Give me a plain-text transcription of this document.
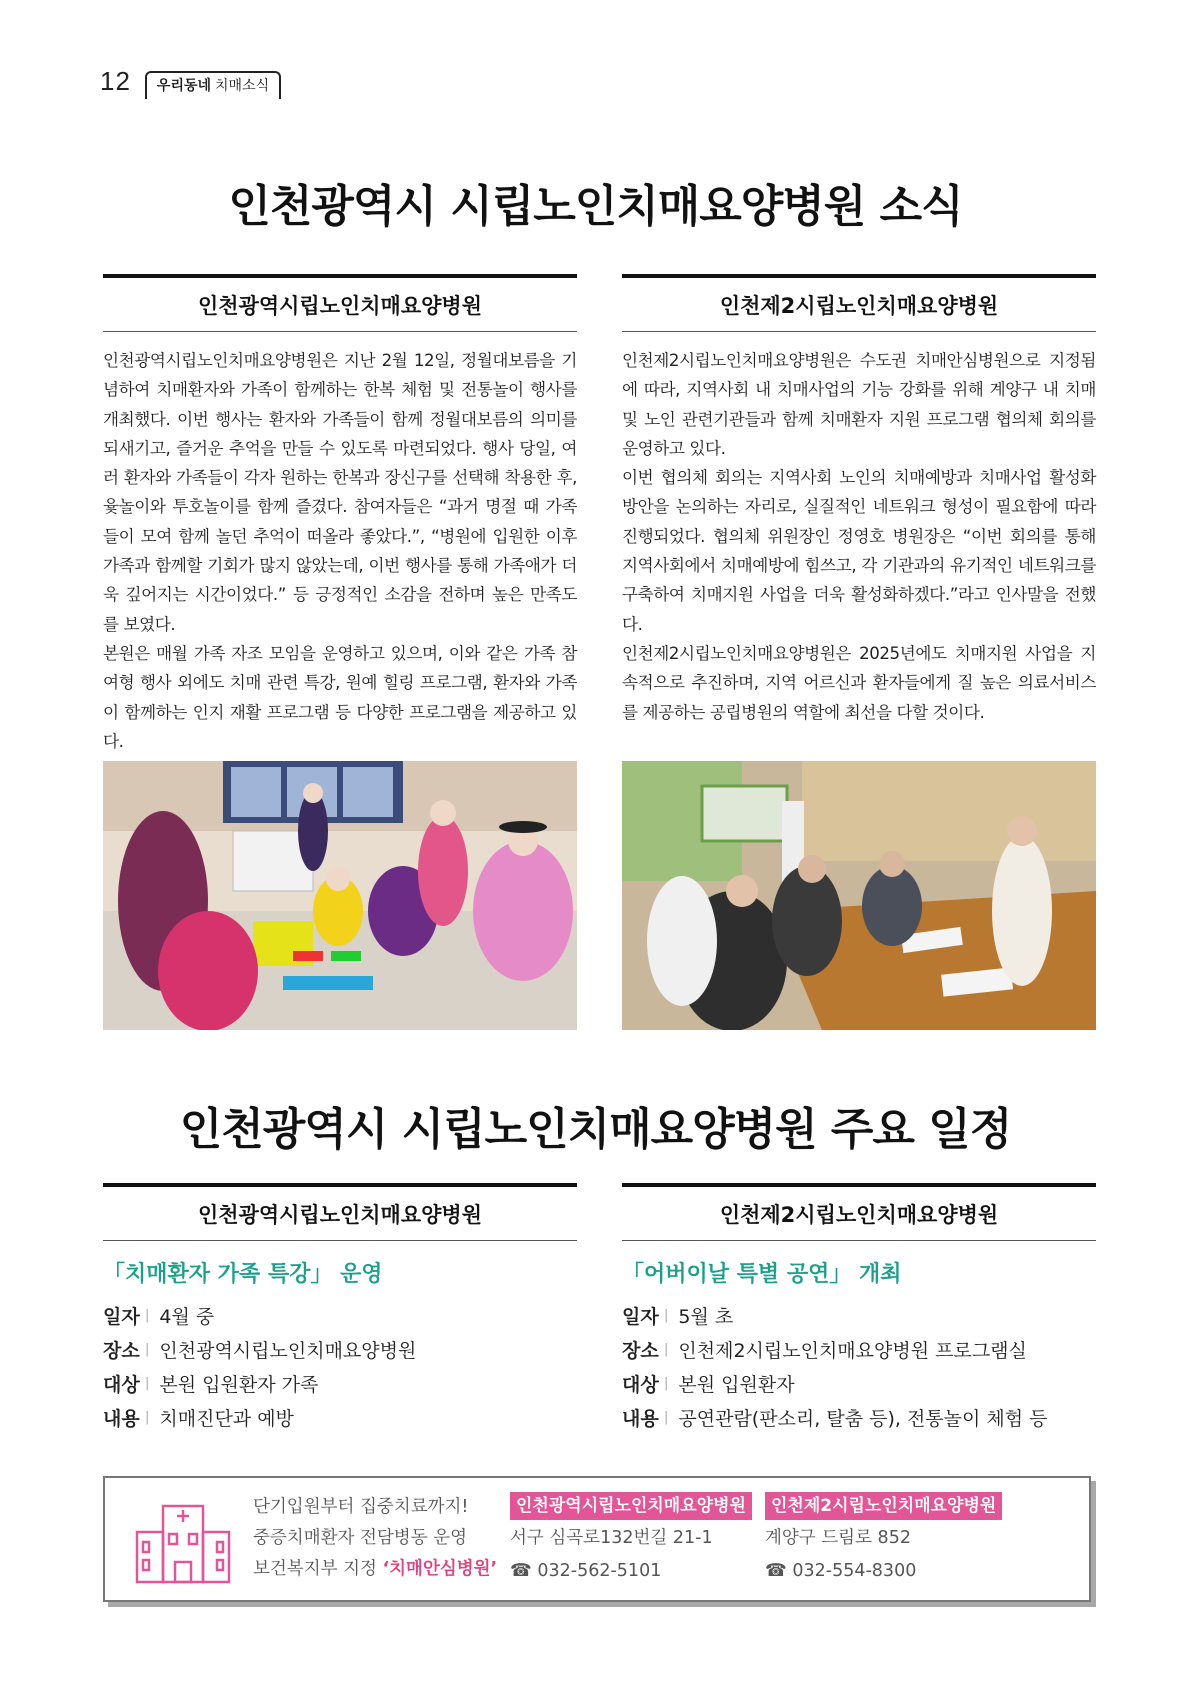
12	우리동네 치매소식
인천광역시 시립노인치매요양병원 소식
인천광역시립노인치매요양병원

인천광역시립노인치매요양병원은 지난 2월 12일, 정월대보름을 기념하여 치매환자와 가족이 함께하는 한복 체험 및 전통놀이 행사를 개최했다. 이번 행사는 환자와 가족들이 함께 정월대보름의 의미를 되새기고, 즐거운 추억을 만들 수 있도록 마련되었다. 행사 당일, 여러 환자와 가족들이 각자 원하는 한복과 장신구를 선택해 착용한 후, 윷놀이와 투호놀이를 함께 즐겼다. 참여자들은 “과거 명절 때 가족들이 모여 함께 놀던 추억이 떠올라 좋았다.”, “병원에 입원한 이후 가족과 함께할 기회가 많지 않았는데, 이번 행사를 통해 가족애가 더욱 깊어지는 시간이었다.” 등 긍정적인 소감을 전하며 높은 만족도를 보였다.

본원은 매월 가족 자조 모임을 운영하고 있으며, 이와 같은 가족 참여형 행사 외에도 치매 관련 특강, 원예 힐링 프로그램, 환자와 가족이 함께하는 인지 재활 프로그램 등 다양한 프로그램을 제공하고 있다.

인천제2시립노인치매요양병원

인천제2시립노인치매요양병원은 수도권 치매안심병원으로 지정됨에 따라, 지역사회 내 치매사업의 기능 강화를 위해 계양구 내 치매 및 노인 관련기관들과 함께 치매환자 지원 프로그램 협의체 회의를 운영하고 있다.

이번 협의체 회의는 지역사회 노인의 치매예방과 치매사업 활성화 방안을 논의하는 자리로, 실질적인 네트워크 형성이 필요함에 따라 진행되었다. 협의체 위원장인 정영호 병원장은 “이번 회의를 통해 지역사회에서 치매예방에 힘쓰고, 각 기관과의 유기적인 네트워크를 구축하여 치매지원 사업을 더욱 활성화하겠다.”라고 인사말을 전했다.

인천제2시립노인치매요양병원은 2025년에도 치매지원 사업을 지속적으로 추진하며, 지역 어르신과 환자들에게 질 높은 의료서비스를 제공하는 공립병원의 역할에 최선을 다할 것이다.

인천광역시 시립노인치매요양병원 주요 일정
인천광역시립노인치매요양병원
「치매환자 가족 특강」 운영
일자 | 4월 중
장소 | 인천광역시립노인치매요양병원
대상 | 본원 입원환자 가족
내용 | 치매진단과 예방
인천제2시립노인치매요양병원
「어버이날 특별 공연」 개최
일자 | 5월 초
장소 | 인천제2시립노인치매요양병원 프로그램실
대상 | 본원 입원환자
내용 | 공연관람(판소리, 탈춤 등), 전통놀이 체험 등
단기입원부터 집중치료까지!
중증치매환자 전담병동 운영
보건복지부 지정 ‘치매안심병원’
인천광역시립노인치매요양병원
서구 심곡로132번길 21-1
☎ 032-562-5101
인천제2시립노인치매요양병원
계양구 드림로 852
☎ 032-554-8300
